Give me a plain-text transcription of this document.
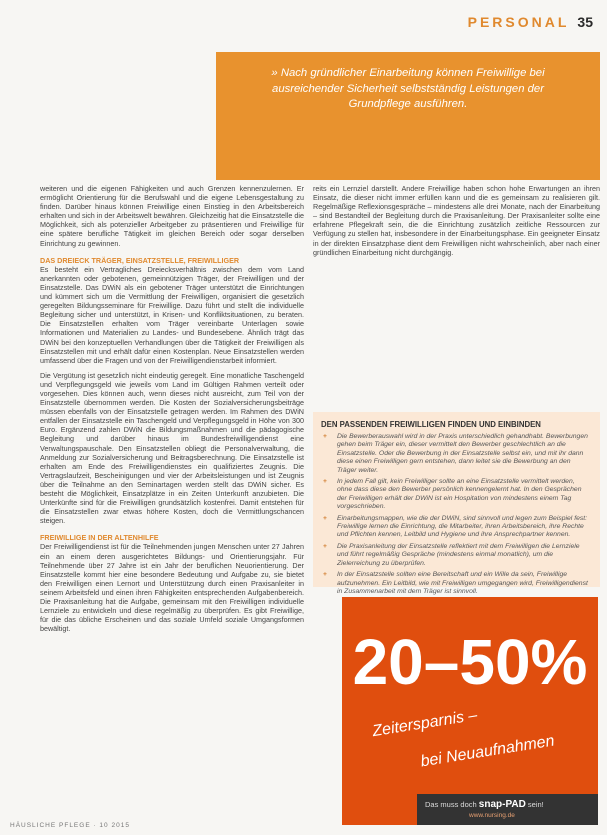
PERSONAL 35
» Nach gründlicher Einarbeitung können Freiwillige bei ausreichender Sicherheit selbstständig Leistungen der Grundpflege ausführen.

weiteren und die eigenen Fähigkeiten und auch Grenzen kennenzulernen. Er ermöglicht Orientierung für die Berufswahl und die eigene Lebensgestaltung zu finden. Darüber hinaus können Freiwillige einen Einstieg in den Arbeitsbereich erhalten und sich in der Arbeitswelt bewähren. Gleichzeitig hat die Einsatzstelle die Möglichkeit, sich als potenzieller Arbeitgeber zu präsentieren und Freiwillige für eine spätere berufliche Tätigkeit im gleichen Bereich oder sogar derselben Einrichtung zu gewinnen.

DAS DREIECK TRÄGER, EINSATZSTELLE, FREIWILLIGER

Es besteht ein Vertragliches Dreiecksverhältnis zwischen dem vom Land anerkannten oder gebotenen, gemeinnützigen Träger, der Freiwilligen und der Einsatzstelle. Das DWiN als ein gebotener Träger unterstützt die Einrichtungen und kümmert sich um die Vermittlung der Freiwilligen, organisiert die gesetzlich geregelten Bildungsseminare für Freiwillige. Dazu führt und stellt die individuelle Begleitung sicher und unterstützt, in Krisen- und Konfliktsituationen, zu beraten. Die Einsatzstellen erhalten vom Träger vereinbarte Unterlagen sowie Informationen und Materialien zu Landes- und Bundesebene. Ähnlich trägt das DWiN bei den konzeptuellen Verhandlungen über die Tätigkeit der Freiwilligen als Einsatzstellen mit und erhält dafür einen Kostenplan. Neue Einsatzstellen werden umfassend über die Fragen und von der Freiwilligendienstarbeit informiert.

Die Vergütung ist gesetzlich nicht eindeutig geregelt. Eine monatliche Taschengeld und Verpflegungsgeld wie jeweils vom Land im Gültigen Rahmen verteilt oder vorgesehen. Dies können auch, wenn dieses nicht ausreicht, zum Teil von der Einsatzstelle übernommen werden. Die Kosten der Sozialversicherungsbeiträge müssen ebenfalls von der Einsatzstelle getragen werden. Im Rahmen des DWiN entfallen der Einsatzstelle ein Taschengeld und Verpflegungsgeld in Höhe von 300 Euro. Ergänzend zahlen DWiN die Bildungsmaßnahmen und die pädagogische Begleitung und darüber hinaus im Bundesfreiwilligendienst eine Verwaltungspauschale. Den Einsatzstellen obliegt die Personalverwaltung, die Anmeldung zur Sozialversicherung und Beitragsberechnung. Die Einsatzstelle ist erhalten am Ende des Freiwilligendienstes ein qualifiziertes Zeugnis. Die Vertragslaufzeit, Bescheinigungen und vier der Arbeitsleistungen und ist Zeugnis über die Teilnahme an den Seminartagen werden stellt das DWiN sicher. Es besteht die Möglichkeit, Einsatzplätze in ein Zeiten Unterkunft anzubieten. Die Unterkünfte sind für die Freiwilligen grundsätzlich kostenfrei. Damit entstehen für die Einsatzstellen zwar etwas höhere Kosten, doch die Vermittlungschancen steigen.

FREIWILLIGE IN DER ALTENHILFE

Der Freiwilligendienst ist für die Teilnehmenden jungen Menschen unter 27 Jahren ein an einem deren ausgerichtetes Bildungs- und Orientierungsjahr. Für Teilnehmende über 27 Jahre ist ein Jahr der beruflichen Neuorientierung. Der Einsatzstelle kommt hier eine besondere Bedeutung und Aufgabe zu, sie bietet den Freiwilligen einen Lernort und Unterstützung durch einen Praxisanleiter in seinem Arbeitsfeld und einen ihren Fähigkeiten entsprechenden Aufgabenbereich. Die Praxisanleitung hat die Aufgabe, gemeinsam mit den Freiwilligen individuelle Lernziele zu entwickeln und diese regelmäßig zu überprüfen. Es gibt Freiwillige, für die das übliche Erscheinen und das soziale Umfeld soziale Umgangsformen bewältigt.

reits ein Lernziel darstellt. Andere Freiwillige haben schon hohe Erwartungen an ihren Einsatz, die dieser nicht immer erfüllen kann und die es gemeinsam zu realisieren gilt. Regelmäßige Reflexionsgespräche – mindestens alle drei Monate, nach der Einarbeitung – sind Bestandteil der Begleitung durch die Praxisanleitung. Der Praxisanleiter sollte eine erfahrene Pflegekraft sein, die die Einrichtung zusätzlich zeitliche Ressourcen zur Verfügung zu stellen hat, insbesondere in der Einarbeitungsphase. Ein geeigneter Einsatz in der direkten Einsatzphase dient dem Freiwilligen nicht wahrscheinlich, aber nach einer gründlichen Einarbeitung nicht durchgängig.

DEN PASSENDEN FREIWILLIGEN FINDEN UND EINBINDEN
+ Die Bewerberauswahl wird in der Praxis unterschiedlich gehandhabt. Bewerbungen gehen beim Träger ein, dieser vermittelt den Bewerber geschlechtlich an die Einsatzstelle. Oder die Bewerbung in der Einsatzstelle selbst ein, und mit ihr dann diese einen Freiwilligen gern entstehen, dann leitet sie die Bewerbung an den Träger weiter.
+ In jedem Fall gilt, kein Freiwilliger sollte an eine Einsatzstelle vermittelt werden, ohne dass diese den Bewerber persönlich kennengelernt hat. In den Gesprächen der Freiwilligen erhält der DWiN ist ein Hospitation von mindestens einem Tag vorgeschrieben.
+ Einarbeitungsmappen, wie die der DWiN, sind sinnvoll und legen zum Beispiel fest: Freiwillige lernen die Einrichtung, die Mitarbeiter, ihren Arbeitsbereich, ihre Rechte und Pflichten kennen, Leitbild und Hygiene und ihre Ansprechpartner kennen.
+ Die Praxisanleitung der Einsatzstelle reflektiert mit dem Freiwilligen die Lernziele und führt regelmäßig Gespräche (mindestens einmal monatlich), um die Zielerreichung zu überprüfen.
+ In der Einsatzstelle sollten eine Bereitschaft und ein Wille da sein, Freiwillige aufzunehmen. Ein Leitbild, wie mit Freiwilligen umgegangen wird, Freiwilligendienst in Zusammenarbeit mit dem Träger ist sinnvoll.
20–50%
Zeitersparnis –
bei Neuaufnahmen
Das muss doch snap-PAD sein!
www.nursing.de
HÄUSLICHE PFLEGE · 10 2015
